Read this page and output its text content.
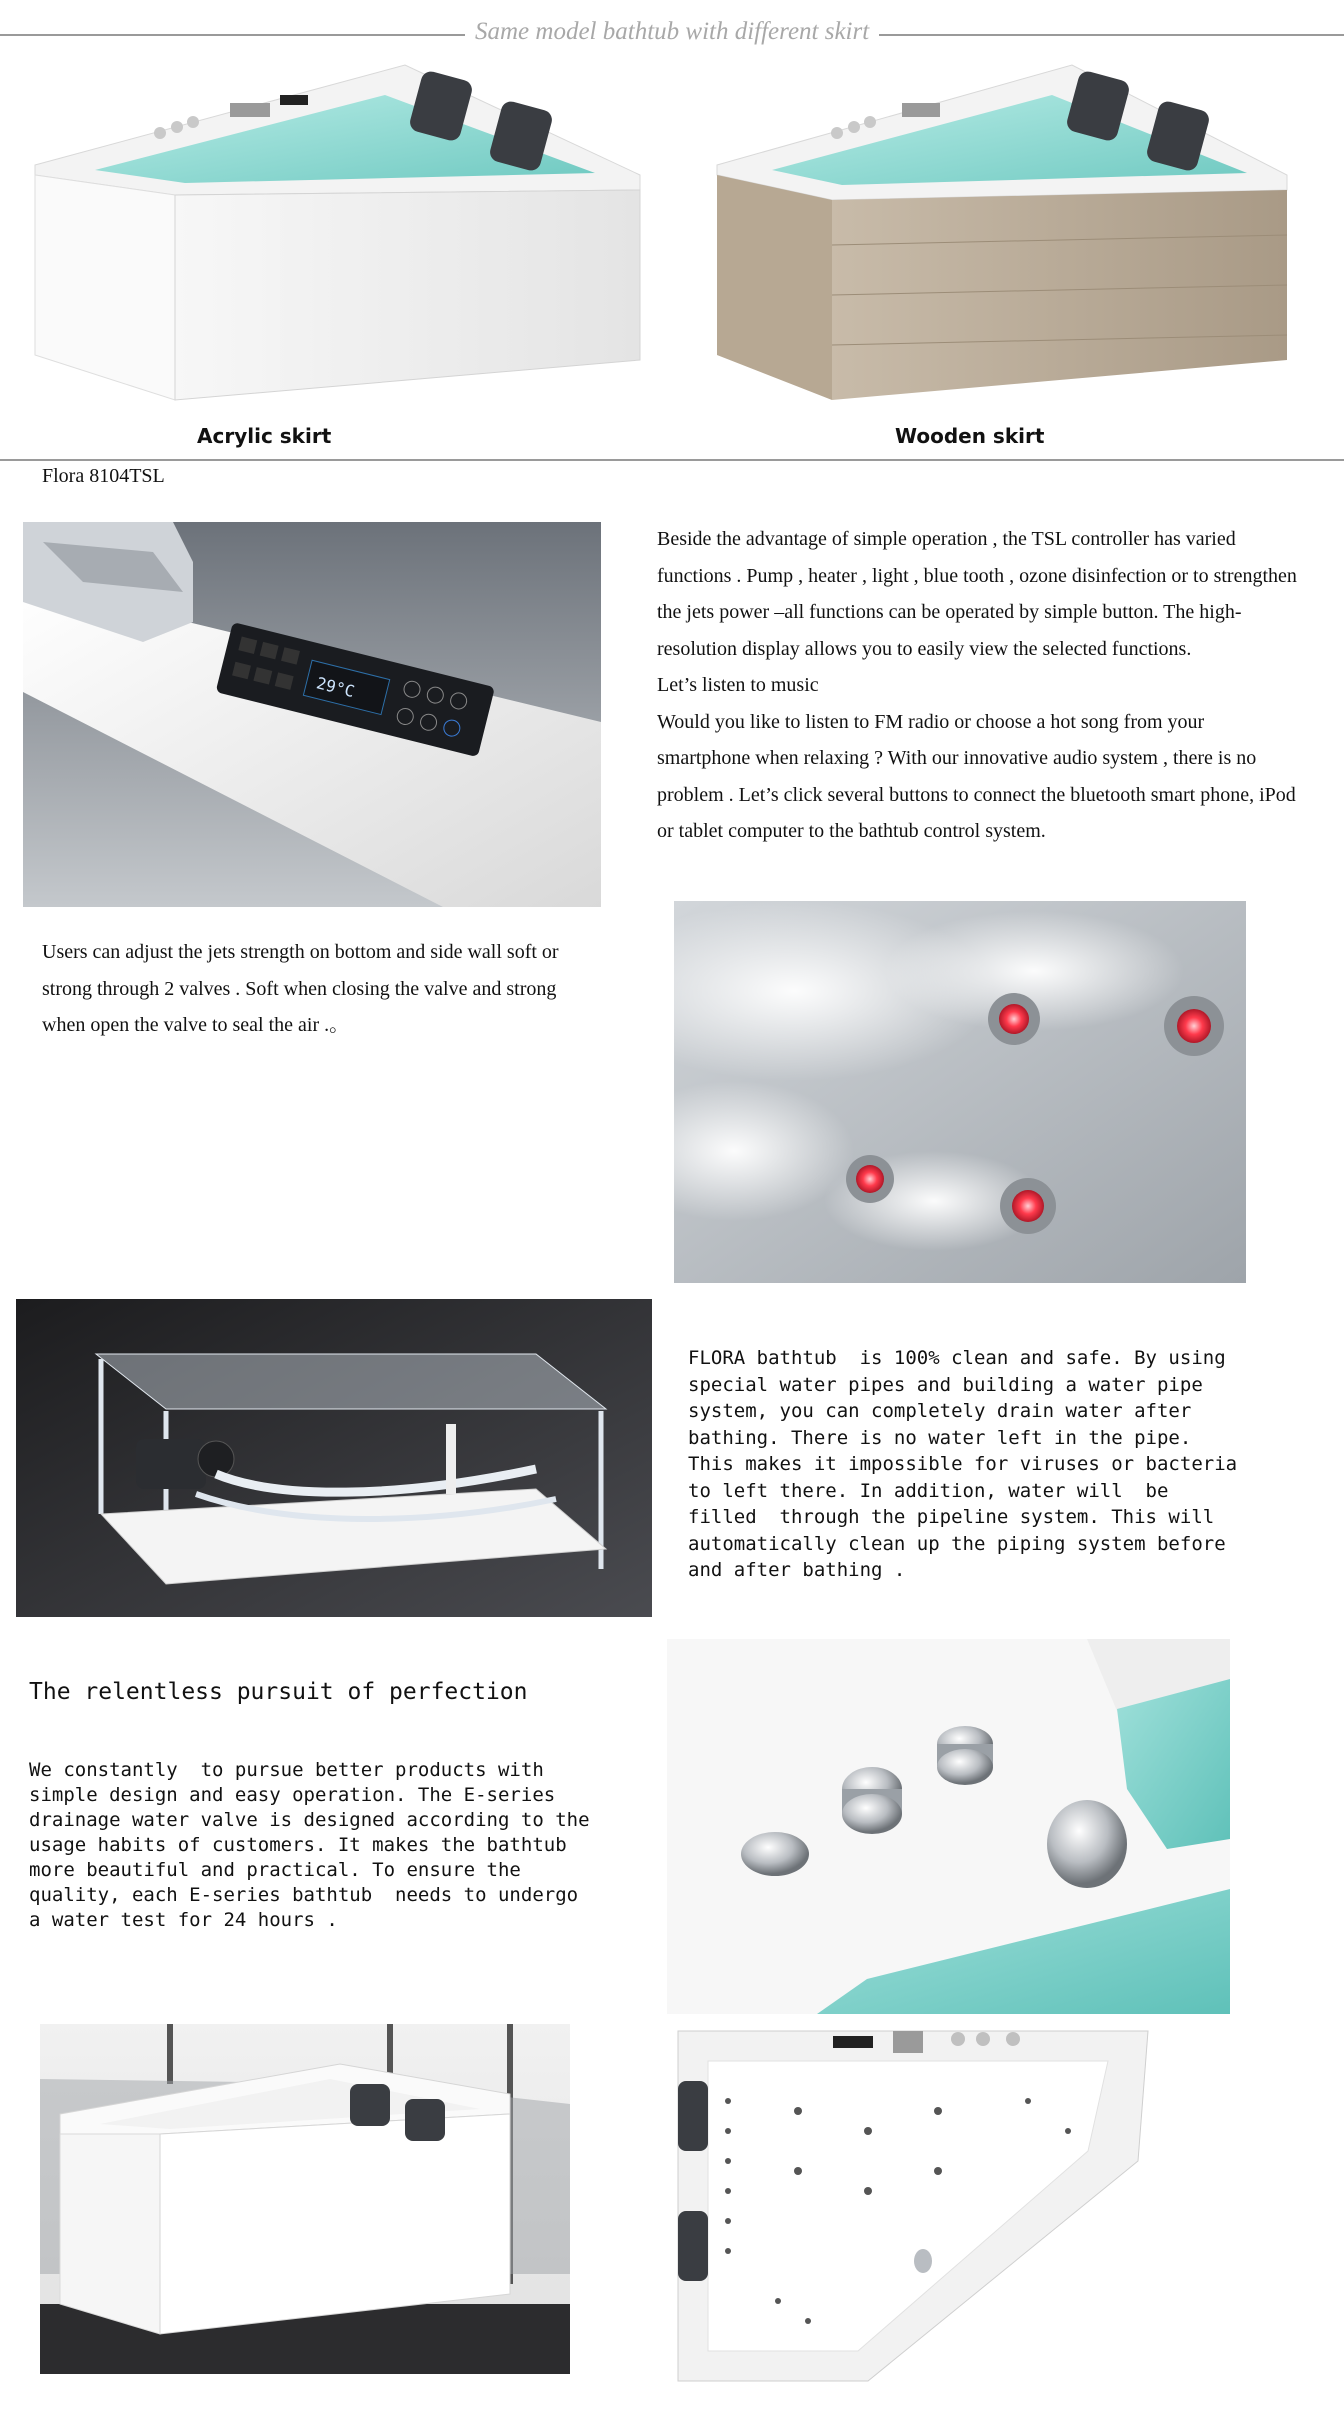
Same model bathtub with different skirt
Acrylic skirt	Wooden skirt
Flora 8104TSL
29°C

Beside the advantage of simple operation , the TSL controller has varied functions . Pump , heater , light , blue tooth , ozone disinfection or to strengthen the jets power –all functions can be operated by simple button. The high-resolution display allows you to easily view the selected functions.

Let’s listen to music

Would you like to listen to FM radio or choose a hot song from your smartphone when relaxing ? With our innovative audio system , there is no problem . Let’s click several buttons to connect the bluetooth smart phone, iPod or tablet computer to the bathtub control system.

Users can adjust the jets strength on bottom and side wall soft or strong through 2 valves . Soft when closing the valve and strong when open the valve to seal the air .。

FLORA bathtub  is 100% clean and safe. By using special water pipes and building a water pipe system, you can completely drain water after bathing. There is no water left in the pipe. This makes it impossible for viruses or bacteria to left there. In addition, water will  be filled  through the pipeline system. This will automatically clean up the piping system before and after bathing .

The relentless pursuit of perfection

We constantly  to pursue better products with simple design and easy operation. The E-series  drainage water valve is designed according to the usage habits of customers. It makes the bathtub more beautiful and practical. To ensure the quality, each E-series bathtub  needs to undergo a water test for 24 hours .
